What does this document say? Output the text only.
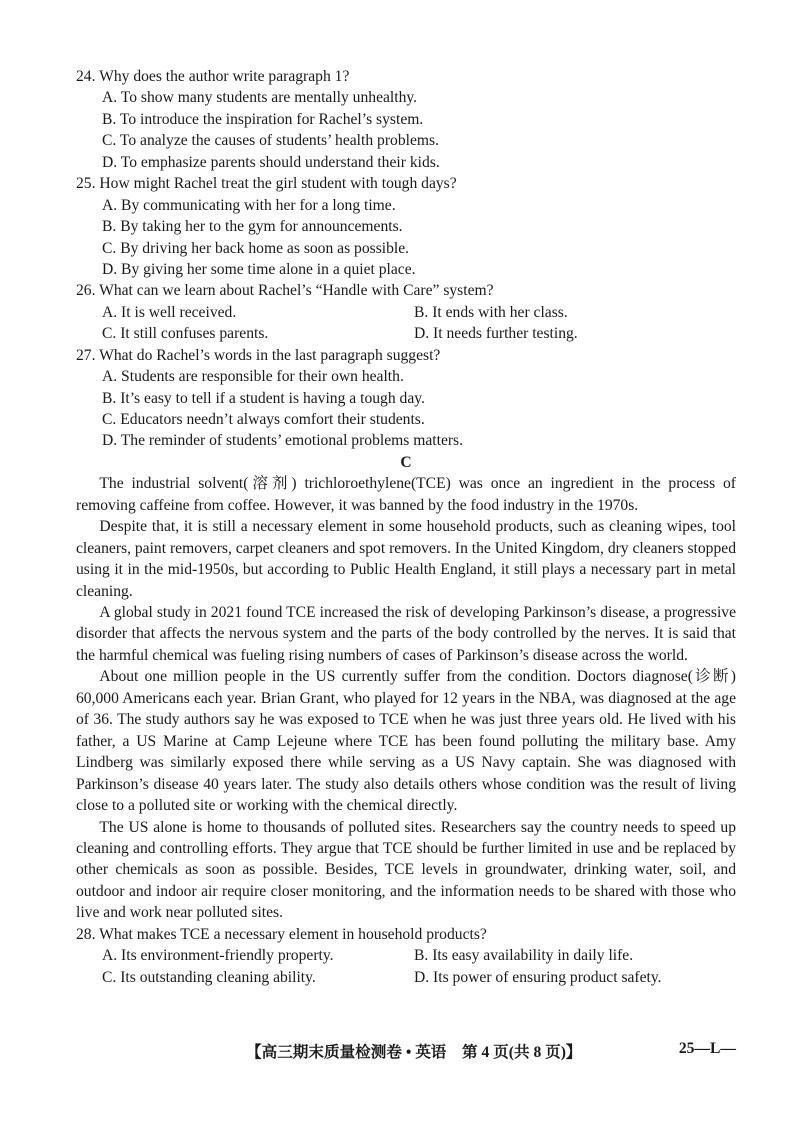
24. Why does the author write paragraph 1?
A. To show many students are mentally unhealthy.
B. To introduce the inspiration for Rachel’s system.
C. To analyze the causes of students’ health problems.
D. To emphasize parents should understand their kids.
25. How might Rachel treat the girl student with tough days?
A. By communicating with her for a long time.
B. By taking her to the gym for announcements.
C. By driving her back home as soon as possible.
D. By giving her some time alone in a quiet place.
26. What can we learn about Rachel’s “Handle with Care” system?
A. It is well received.	B. It ends with her class.
C. It still confuses parents.	D. It needs further testing.
27. What do Rachel’s words in the last paragraph suggest?
A. Students are responsible for their own health.
B. It’s easy to tell if a student is having a tough day.
C. Educators needn’t always comfort their students.
D. The reminder of students’ emotional problems matters.
C
The industrial solvent(溶剂) trichloroethylene(TCE) was once an ingredient in the process of removing caffeine from coffee. However, it was banned by the food industry in the 1970s.
Despite that, it is still a necessary element in some household products, such as cleaning wipes, tool cleaners, paint removers, carpet cleaners and spot removers. In the United Kingdom, dry cleaners stopped using it in the mid-1950s, but according to Public Health England, it still plays a necessary part in metal cleaning.
A global study in 2021 found TCE increased the risk of developing Parkinson’s disease, a progressive disorder that affects the nervous system and the parts of the body controlled by the nerves. It is said that the harmful chemical was fueling rising numbers of cases of Parkinson’s disease across the world.
About one million people in the US currently suffer from the condition. Doctors diagnose(诊断) 60,000 Americans each year. Brian Grant, who played for 12 years in the NBA, was diagnosed at the age of 36. The study authors say he was exposed to TCE when he was just three years old. He lived with his father, a US Marine at Camp Lejeune where TCE has been found polluting the military base. Amy Lindberg was similarly exposed there while serving as a US Navy captain. She was diagnosed with Parkinson’s disease 40 years later. The study also details others whose condition was the result of living close to a polluted site or working with the chemical directly.
The US alone is home to thousands of polluted sites. Researchers say the country needs to speed up cleaning and controlling efforts. They argue that TCE should be further limited in use and be replaced by other chemicals as soon as possible. Besides, TCE levels in groundwater, drinking water, soil, and outdoor and indoor air require closer monitoring, and the information needs to be shared with those who live and work near polluted sites.
28. What makes TCE a necessary element in household products?
A. Its environment-friendly property.	B. Its easy availability in daily life.
C. Its outstanding cleaning ability.	D. Its power of ensuring product safety.
【高三期末质量检测卷 • 英语　第 4 页(共 8 页)】	25—L—
